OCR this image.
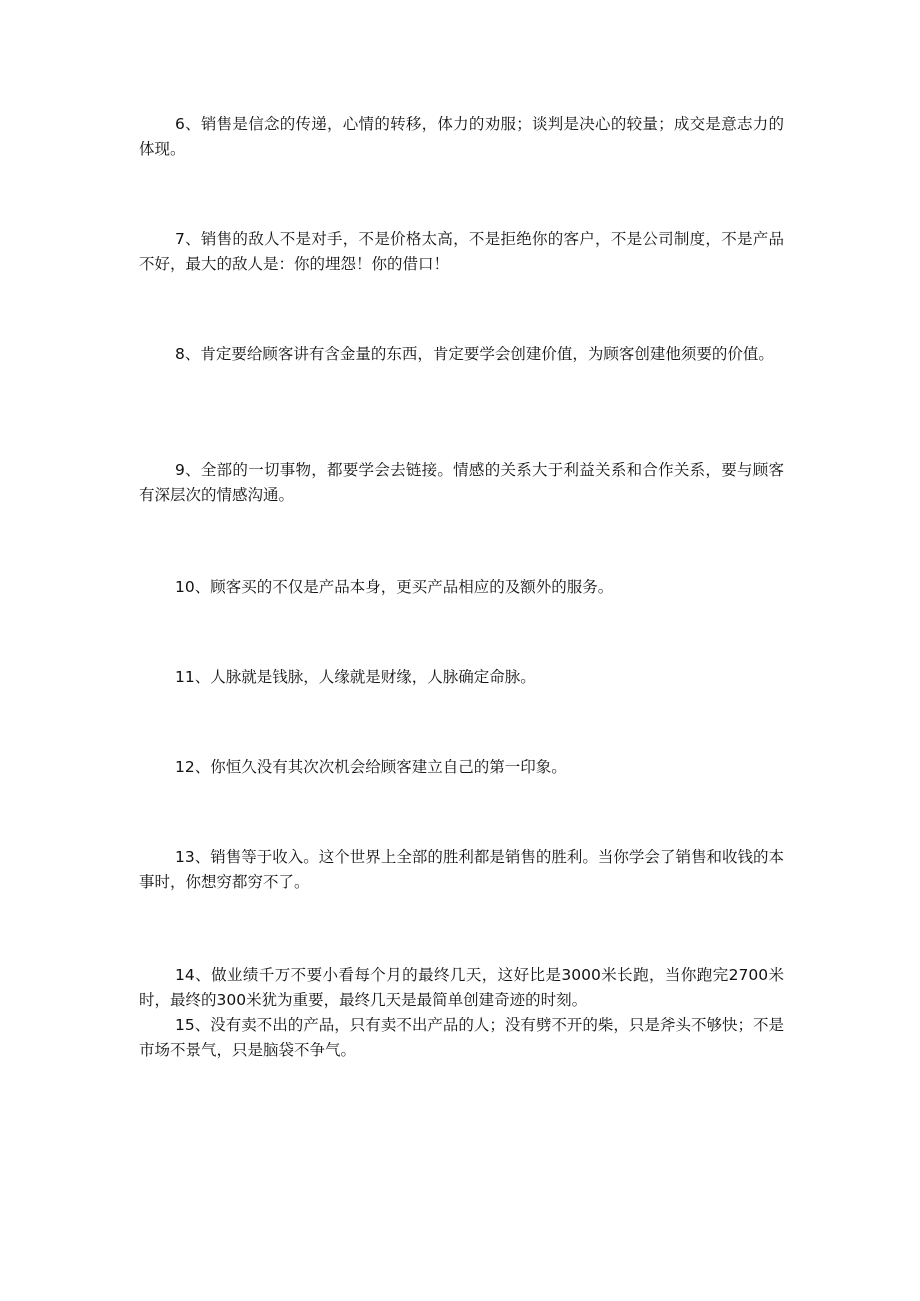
6、销售是信念的传递，心情的转移，体力的劝服；谈判是决心的较量；成交是意志力的体现。

7、销售的敌人不是对手，不是价格太高，不是拒绝你的客户，不是公司制度，不是产品不好，最大的敌人是：你的埋怨！你的借口！

8、肯定要给顾客讲有含金量的东西，肯定要学会创建价值，为顾客创建他须要的价值。

9、全部的一切事物，都要学会去链接。情感的关系大于利益关系和合作关系，要与顾客有深层次的情感沟通。

10、顾客买的不仅是产品本身，更买产品相应的及额外的服务。

11、人脉就是钱脉，人缘就是财缘，人脉确定命脉。

12、你恒久没有其次次机会给顾客建立自己的第一印象。

13、销售等于收入。这个世界上全部的胜利都是销售的胜利。当你学会了销售和收钱的本事时，你想穷都穷不了。

14、做业绩千万不要小看每个月的最终几天，这好比是3000米长跑，当你跑完2700米时，最终的300米犹为重要，最终几天是最简单创建奇迹的时刻。

15、没有卖不出的产品，只有卖不出产品的人；没有劈不开的柴，只是斧头不够快；不是市场不景气，只是脑袋不争气。
